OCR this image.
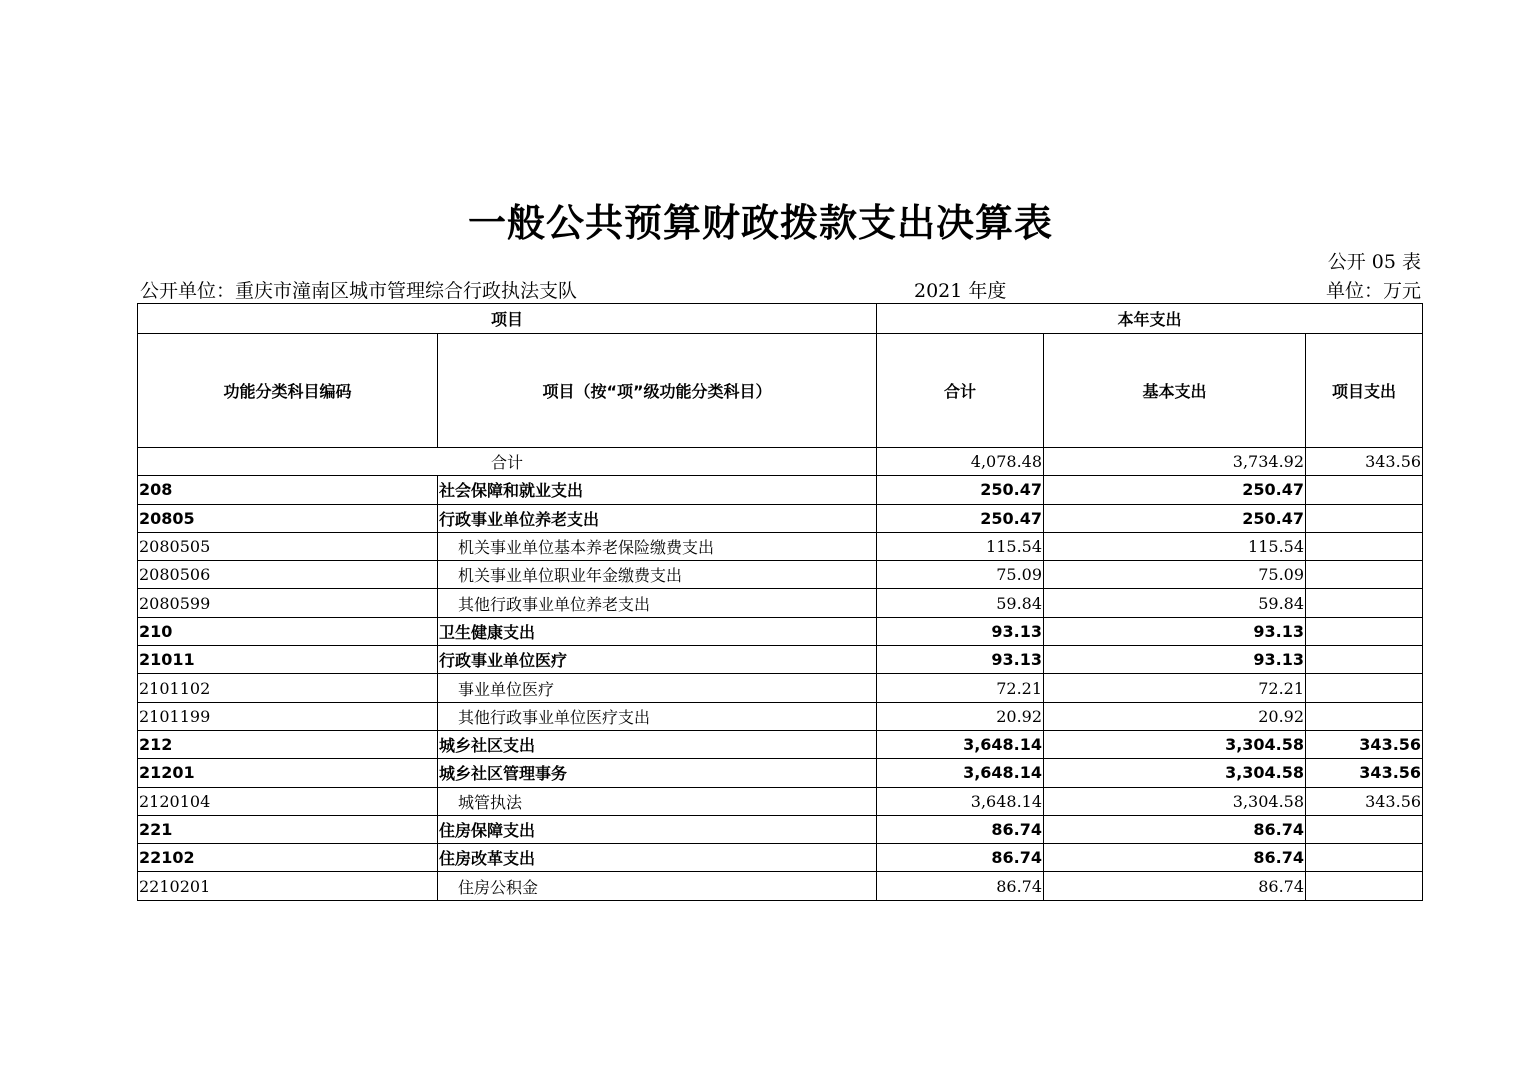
一般公共预算财政拨款支出决算表
公开 05 表
公开单位：重庆市潼南区城市管理综合行政执法支队	2021 年度	单位：万元
项目		本年支出		
功能分类科目编码	项目（按“项”级功能分类科目）	合计	基本支出	项目支出
合计		4,078.48	3,734.92	343.56
208	社会保障和就业支出	250.47	250.47	
20805	行政事业单位养老支出	250.47	250.47	
2080505	机关事业单位基本养老保险缴费支出	115.54	115.54	
2080506	机关事业单位职业年金缴费支出	75.09	75.09	
2080599	其他行政事业单位养老支出	59.84	59.84	
210	卫生健康支出	93.13	93.13	
21011	行政事业单位医疗	93.13	93.13	
2101102	事业单位医疗	72.21	72.21	
2101199	其他行政事业单位医疗支出	20.92	20.92	
212	城乡社区支出	3,648.14	3,304.58	343.56
21201	城乡社区管理事务	3,648.14	3,304.58	343.56
2120104	城管执法	3,648.14	3,304.58	343.56
221	住房保障支出	86.74	86.74	
22102	住房改革支出	86.74	86.74	
2210201	住房公积金	86.74	86.74	
